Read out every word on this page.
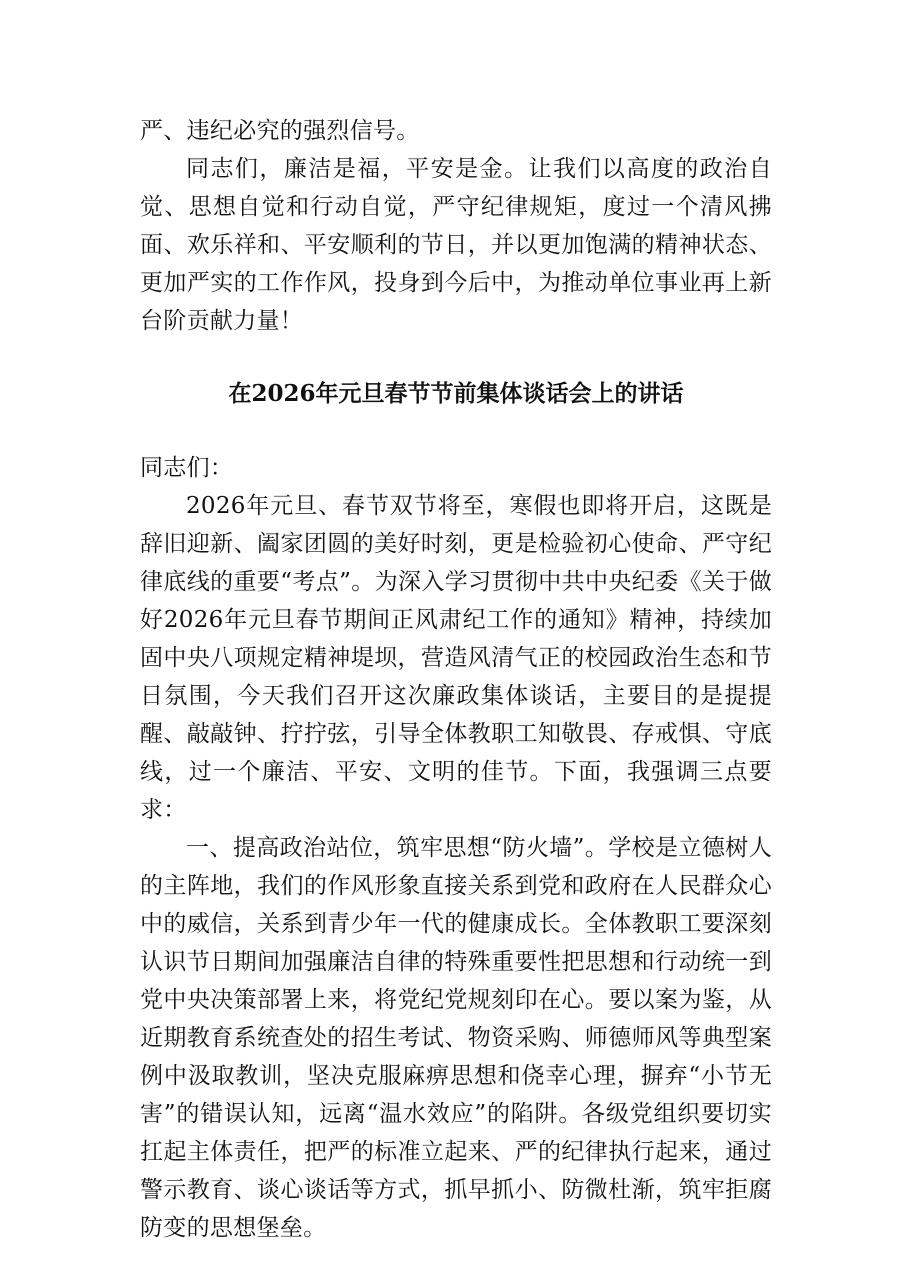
严、违纪必究的强烈信号。

同志们，廉洁是福，平安是金。让我们以高度的政治自觉、思想自觉和行动自觉，严守纪律规矩，度过一个清风拂面、欢乐祥和、平安顺利的节日，并以更加饱满的精神状态、更加严实的工作作风，投身到今后中，为推动单位事业再上新台阶贡献力量！

在2026年元旦春节节前集体谈话会上的讲话

同志们：

2026年元旦、春节双节将至，寒假也即将开启，这既是辞旧迎新、阖家团圆的美好时刻，更是检验初心使命、严守纪律底线的重要“考点”。为深入学习贯彻中共中央纪委《关于做好2026年元旦春节期间正风肃纪工作的通知》精神，持续加固中央八项规定精神堤坝，营造风清气正的校园政治生态和节日氛围，今天我们召开这次廉政集体谈话，主要目的是提提醒、敲敲钟、拧拧弦，引导全体教职工知敬畏、存戒惧、守底线，过一个廉洁、平安、文明的佳节。下面，我强调三点要求：

一、提高政治站位，筑牢思想“防火墙”。学校是立德树人的主阵地，我们的作风形象直接关系到党和政府在人民群众心中的威信，关系到青少年一代的健康成长。全体教职工要深刻认识节日期间加强廉洁自律的特殊重要性把思想和行动统一到党中央决策部署上来，将党纪党规刻印在心。要以案为鉴，从近期教育系统查处的招生考试、物资采购、师德师风等典型案例中汲取教训，坚决克服麻痹思想和侥幸心理，摒弃“小节无害”的错误认知，远离“温水效应”的陷阱。各级党组织要切实扛起主体责任，把严的标准立起来、严的纪律执行起来，通过警示教育、谈心谈话等方式，抓早抓小、防微杜渐，筑牢拒腐防变的思想堡垒。
